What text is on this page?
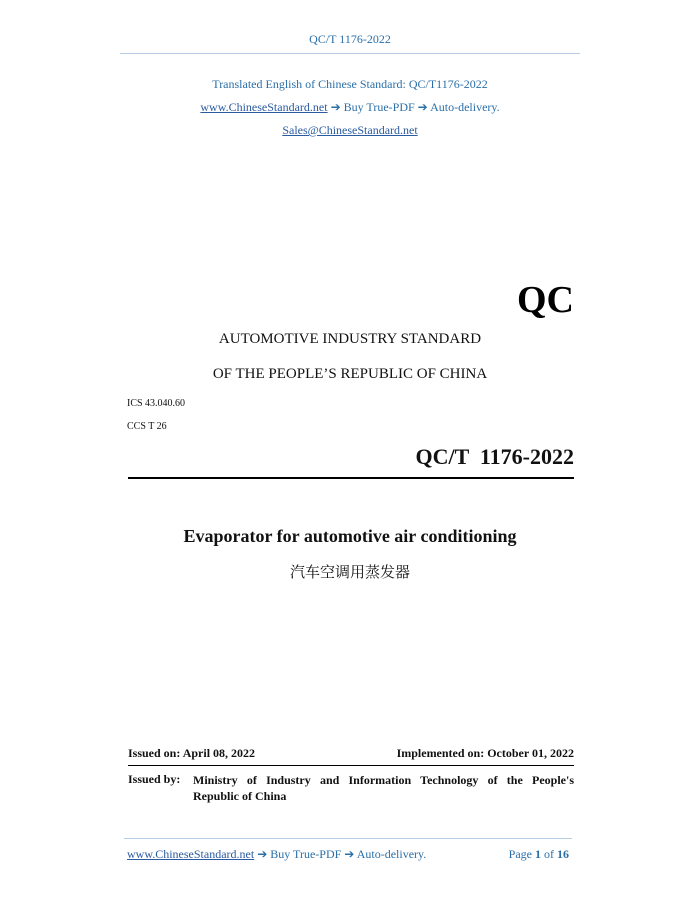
QC/T 1176-2022
Translated English of Chinese Standard: QC/T1176-2022
www.ChineseStandard.net ➔ Buy True-PDF ➔ Auto-delivery.
Sales@ChineseStandard.net
QC
AUTOMOTIVE INDUSTRY STANDARD
OF THE PEOPLE’S REPUBLIC OF CHINA
ICS 43.040.60
CCS T 26
QC/T  1176-2022
Evaporator for automotive air conditioning
汽车空调用蒸发器
Issued on: April 08, 2022	Implemented on: October 01, 2022
Issued by: Ministry of Industry and Information Technology of the People's
Republic of China
www.ChineseStandard.net ➔ Buy True-PDF ➔ Auto-delivery.	Page 1 of 16
